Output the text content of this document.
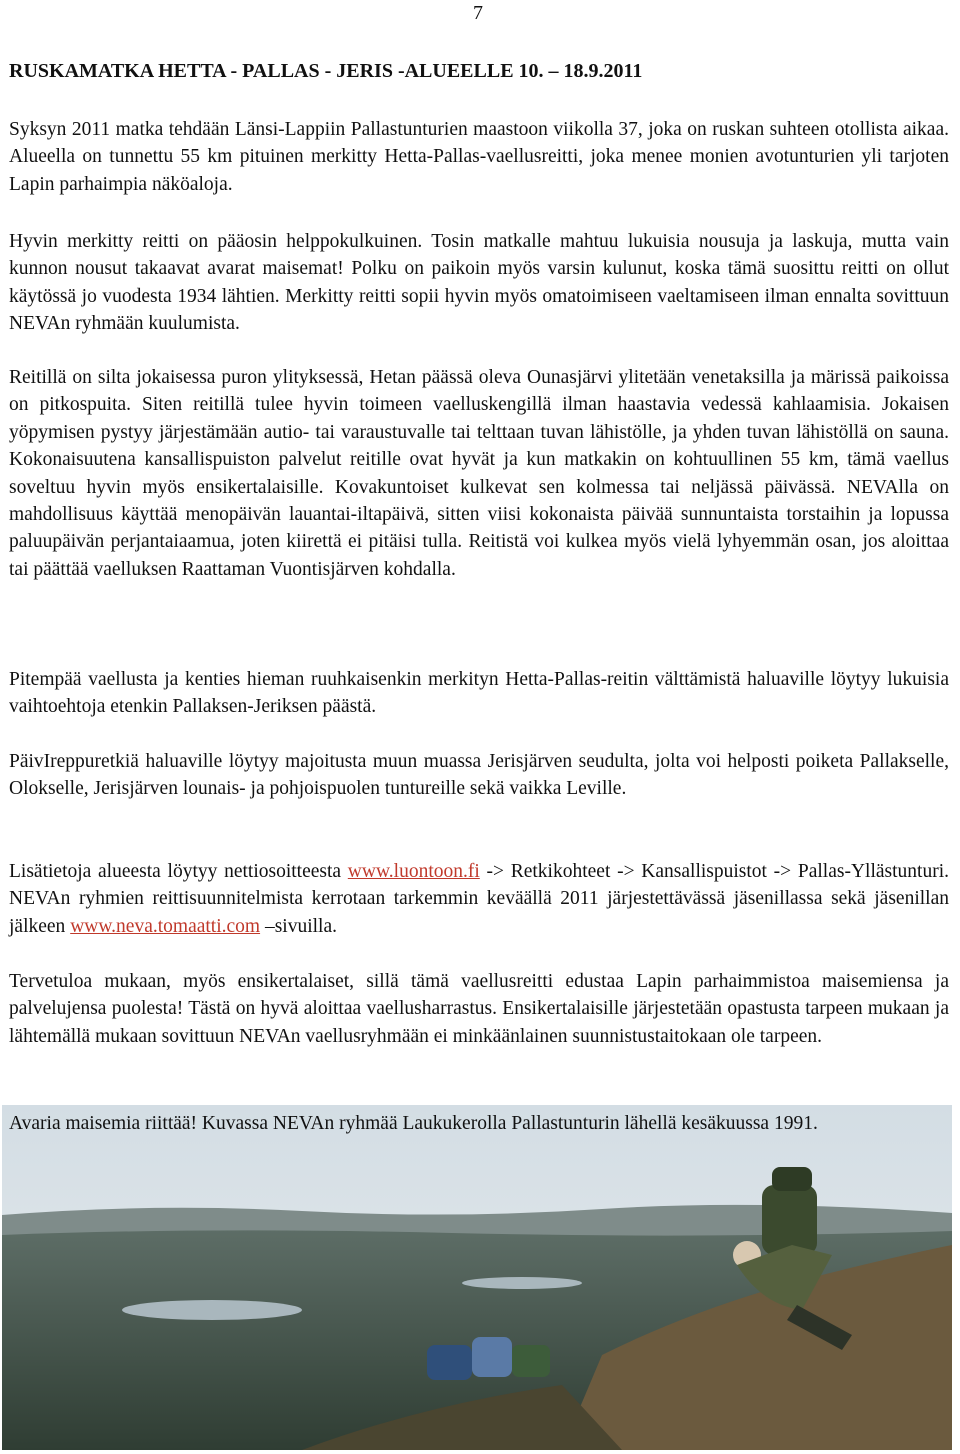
7
RUSKAMATKA HETTA - PALLAS - JERIS -ALUEELLE 10. – 18.9.2011

Syksyn 2011 matka tehdään Länsi-Lappiin Pallastunturien maastoon viikolla 37, joka on ruskan suhteen otollista aikaa. Alueella on tunnettu 55 km pituinen merkitty Hetta-Pallas-vaellusreitti, joka menee monien avotunturien yli tarjoten Lapin parhaimpia näköaloja.

Hyvin merkitty reitti on pääosin helppokulkuinen. Tosin matkalle mahtuu lukuisia nousuja ja laskuja, mutta vain kunnon nousut takaavat avarat maisemat! Polku on paikoin myös varsin kulunut, koska tämä suosittu reitti on ollut käytössä jo vuodesta 1934 lähtien. Merkitty reitti sopii hyvin myös omatoimiseen vaeltamiseen ilman ennalta sovittuun NEVAn ryhmään kuulumista.

Reitillä on silta jokaisessa puron ylityksessä, Hetan päässä oleva Ounasjärvi ylitetään venetaksilla ja märissä paikoissa on pitkospuita. Siten reitillä tulee hyvin toimeen vaelluskengillä ilman haastavia vedessä kahlaamisia. Jokaisen yöpymisen pystyy järjestämään autio- tai varaustuvalle tai telttaan tuvan lähistölle, ja yhden tuvan lähistöllä on sauna. Kokonaisuutena kansallispuiston palvelut reitille ovat hyvät ja kun matkakin on kohtuullinen 55 km, tämä vaellus soveltuu hyvin myös ensikertalaisille. Kovakuntoiset kulkevat sen kolmessa tai neljässä päivässä. NEVAlla on mahdollisuus käyttää menopäivän lauantai-iltapäivä, sitten viisi kokonaista päivää sunnuntaista torstaihin ja lopussa paluupäivän perjantaiaamua, joten kiirettä ei pitäisi tulla. Reitistä voi kulkea myös vielä lyhyemmän osan, jos aloittaa tai päättää vaelluksen Raattaman Vuontisjärven kohdalla.

Pitempää vaellusta ja kenties hieman ruuhkaisenkin merkityn Hetta-Pallas-reitin välttämistä haluaville löytyy lukuisia vaihtoehtoja etenkin Pallaksen-Jeriksen päästä.

PäivIreppuretkiä haluaville löytyy majoitusta muun muassa Jerisjärven seudulta, jolta voi helposti poiketa Pallakselle, Olokselle, Jerisjärven lounais- ja pohjoispuolen tuntureille sekä vaikka Leville.

Lisätietoja alueesta löytyy nettiosoitteesta www.luontoon.fi -> Retkikohteet -> Kansallispuistot -> Pallas-Yllästunturi. NEVAn ryhmien reittisuunnitelmista kerrotaan tarkemmin keväällä 2011 järjestettävässä jäsenillassa sekä jäsenillan jälkeen www.neva.tomaatti.com –sivuilla.

Tervetuloa mukaan, myös ensikertalaiset, sillä tämä vaellusreitti edustaa Lapin parhaimmistoa maisemiensa ja palvelujensa puolesta! Tästä on hyvä aloittaa vaellusharrastus. Ensikertalaisille järjestetään opastusta tarpeen mukaan ja lähtemällä mukaan sovittuun NEVAn vaellusryhmään ei minkäänlainen suunnistustaitokaan ole tarpeen.

Avaria maisemia riittää! Kuvassa NEVAn ryhmää Laukukerolla Pallastunturin lähellä kesäkuussa 1991.
